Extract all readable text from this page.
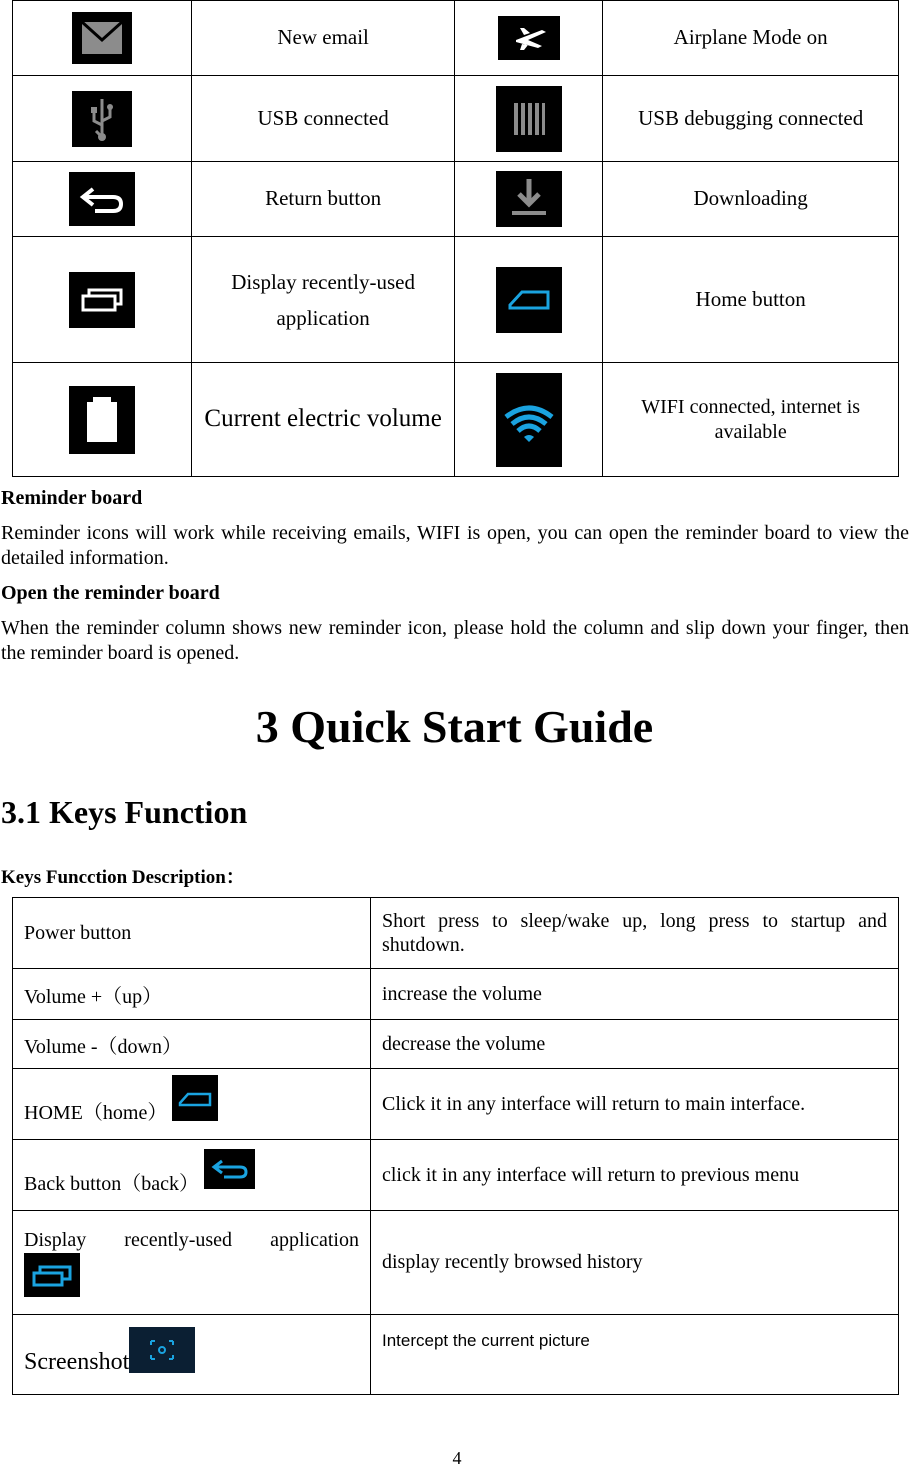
	New email		Airplane Mode on

	USB connected		USB debugging connected

	Return button		Downloading

	Display recently-used application		Home button

	Current electric volume		WIFI connected, internet is available
Reminder board
Reminder icons will work while receiving emails, WIFI is open, you can open the reminder board to view the detailed information.
Open the reminder board
When the reminder column shows new reminder icon, please hold the column and slip down your finger, then the reminder board is opened.
3 Quick Start Guide
3.1 Keys Function
Keys Funcction Description：
Power button	Short press to sleep/wake up, long press to startup and shutdown.
Volume +（up）	increase the volume
Volume -（down）	decrease the volume
HOME（home）	Click it in any interface will return to main interface.
Back button（back）	click it in any interface will return to previous menu

Display recently-used application	display recently browsed history
Screenshot	Intercept the current picture
4
